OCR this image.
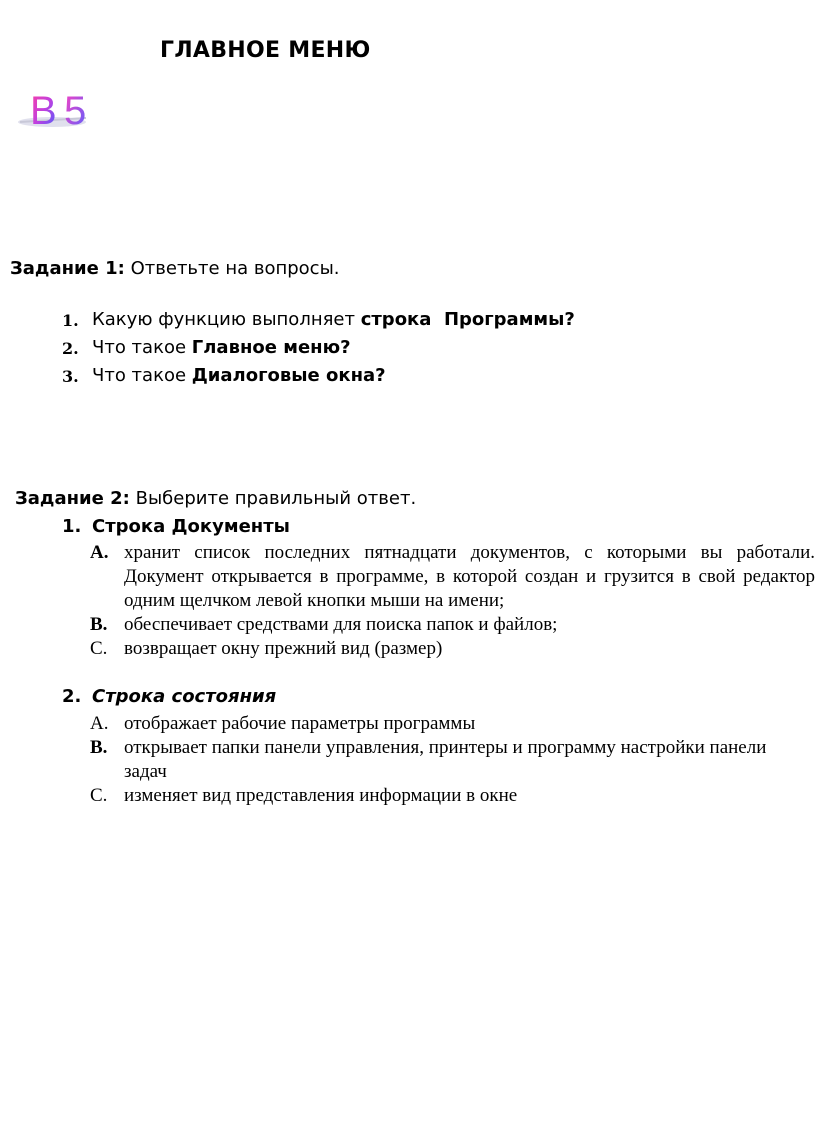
ГЛАВНОЕ МЕНЮ
B 5
Задание 1: Ответьте на вопросы.
1. Какую функцию выполняет строка  Программы?
2. Что такое Главное меню?
3. Что такое Диалоговые окна?
Задание 2: Выберите правильный ответ.
1. Строка Документы
A. хранит список последних пятнадцати документов, с которыми вы работали. Документ открывается в программе, в которой создан и грузится в свой редактор одним щелчком левой кнопки мыши на имени;
B. обеспечивает средствами для поиска папок и файлов;
C. возвращает окну прежний вид (размер)
2. Строка состояния
A. отображает рабочие параметры программы
B. открывает папки панели управления, принтеры и программу настройки панели задач
C. изменяет вид представления информации в окне
